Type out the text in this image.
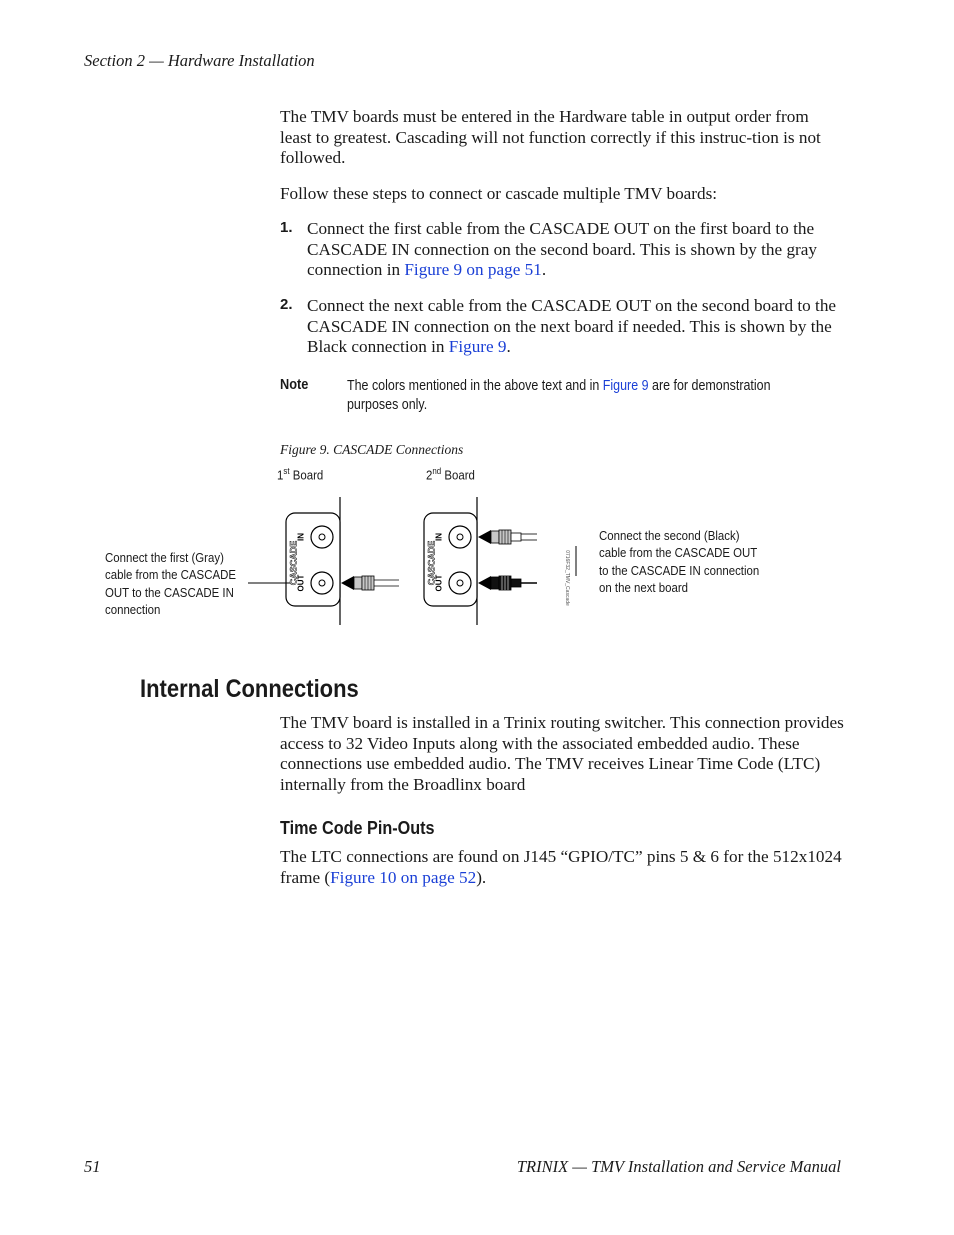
Section 2 — Hardware Installation
The TMV boards must be entered in the Hardware table in output order from least to greatest. Cascading will not function correctly if this instruc-tion is not followed.
Follow these steps to connect or cascade multiple TMV boards:
1. Connect the first cable from the CASCADE OUT on the first board to the CASCADE IN connection on the second board. This is shown by the gray connection in Figure 9 on page 51.
2. Connect the next cable from the CASCADE OUT on the second board to the CASCADE IN connection on the next board if needed. This is shown by the Black connection in Figure 9.
Note	The colors mentioned in the above text and in Figure 9 are for demonstration purposes only.
Figure 9. CASCADE Connections
1st Board	2nd Board
Connect the first (Gray)
cable from the CASCADE
OUT to the CASCADE IN
connection
Connect the second (Black)
cable from the CASCADE OUT
to the CASCADE IN connection
on the next board
CASCADE
IN
OUT	CASCADE
IN
OUT	0716F32_TMV_Cascade
Internal Connections
The TMV board is installed in a Trinix routing switcher. This connection provides access to 32 Video Inputs along with the associated embedded audio. These connections use embedded audio. The TMV receives Linear Time Code (LTC) internally from the Broadlinx board
Time Code Pin-Outs
The LTC connections are found on J145 “GPIO/TC” pins 5 & 6 for the 512x1024 frame (Figure 10 on page 52).
51	TRINIX — TMV Installation and Service Manual
